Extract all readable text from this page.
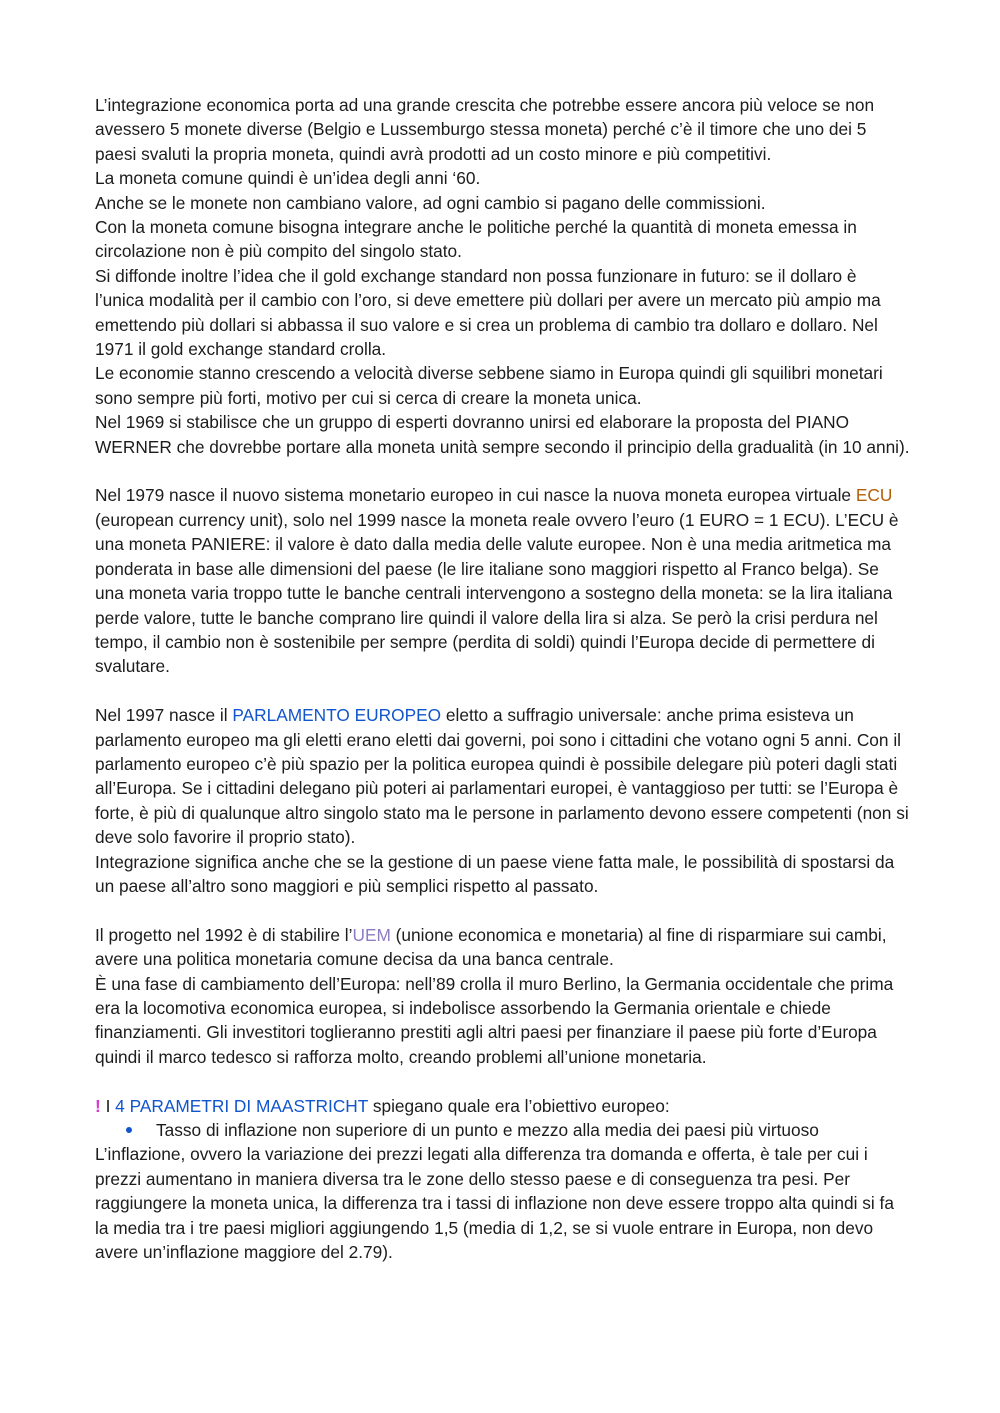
L’integrazione economica porta ad una grande crescita che potrebbe essere ancora più veloce se non avessero 5 monete diverse (Belgio e Lussemburgo stessa moneta) perché c’è il timore che uno dei 5 paesi svaluti la propria moneta, quindi avrà prodotti ad un costo minore e più competitivi.

La moneta comune quindi è un’idea degli anni ‘60.

Anche se le monete non cambiano valore, ad ogni cambio si pagano delle commissioni.

Con la moneta comune bisogna integrare anche le politiche perché la quantità di moneta emessa in circolazione non è più compito del singolo stato.

Si diffonde inoltre l’idea che il gold exchange standard non possa funzionare in futuro: se il dollaro è l’unica modalità per il cambio con l’oro, si deve emettere più dollari per avere un mercato più ampio ma emettendo più dollari si abbassa il suo valore e si crea un problema di cambio tra dollaro e dollaro. Nel 1971 il gold exchange standard crolla.

Le economie stanno crescendo a velocità diverse sebbene siamo in Europa quindi gli squilibri monetari sono sempre più forti, motivo per cui si cerca di creare la moneta unica.

Nel 1969 si stabilisce che un gruppo di esperti dovranno unirsi ed elaborare la proposta del PIANO WERNER che dovrebbe portare alla moneta unità sempre secondo il principio della gradualità (in 10 anni).

Nel 1979 nasce il nuovo sistema monetario europeo in cui nasce la nuova moneta europea virtuale ECU (european currency unit), solo nel 1999 nasce la moneta reale ovvero l’euro (1 EURO = 1 ECU). L’ECU è una moneta PANIERE: il valore è dato dalla media delle valute europee. Non è una media aritmetica ma ponderata in base alle dimensioni del paese (le lire italiane sono maggiori rispetto al Franco belga). Se una moneta varia troppo tutte le banche centrali intervengono a sostegno della moneta: se la lira italiana perde valore, tutte le banche comprano lire quindi il valore della lira si alza. Se però la crisi perdura nel tempo, il cambio non è sostenibile per sempre (perdita di soldi) quindi l’Europa decide di permettere di svalutare.

Nel 1997 nasce il PARLAMENTO EUROPEO eletto a suffragio universale: anche prima esisteva un parlamento europeo ma gli eletti erano eletti dai governi, poi sono i cittadini che votano ogni 5 anni. Con il parlamento europeo c’è più spazio per la politica europea quindi è possibile delegare più poteri dagli stati all’Europa. Se i cittadini delegano più poteri ai parlamentari europei, è vantaggioso per tutti: se l’Europa è forte, è più di qualunque altro singolo stato ma le persone in parlamento devono essere competenti (non si deve solo favorire il proprio stato).

Integrazione significa anche che se la gestione di un paese viene fatta male, le possibilità di spostarsi da un paese all’altro sono maggiori e più semplici rispetto al passato.

Il progetto nel 1992 è di stabilire l’UEM (unione economica e monetaria) al fine di risparmiare sui cambi, avere una politica monetaria comune decisa da una banca centrale.

È una fase di cambiamento dell’Europa: nell’89 crolla il muro Berlino, la Germania occidentale che prima era la locomotiva economica europea, si indebolisce assorbendo la Germania orientale e chiede finanziamenti. Gli investitori toglieranno prestiti agli altri paesi per finanziare il paese più forte d’Europa quindi il marco tedesco si rafforza molto, creando problemi all’unione monetaria.

! I 4 PARAMETRI DI MAASTRICHT spiegano quale era l’obiettivo europeo:

Tasso di inflazione non superiore di un punto e mezzo alla media dei paesi più virtuoso

L’inflazione, ovvero la variazione dei prezzi legati alla differenza tra domanda e offerta, è tale per cui i prezzi aumentano in maniera diversa tra le zone dello stesso paese e di conseguenza tra pesi. Per raggiungere la moneta unica, la differenza tra i tassi di inflazione non deve essere troppo alta quindi si fa la media tra i tre paesi migliori aggiungendo 1,5 (media di 1,2, se si vuole entrare in Europa, non devo avere un’inflazione maggiore del 2.79).
